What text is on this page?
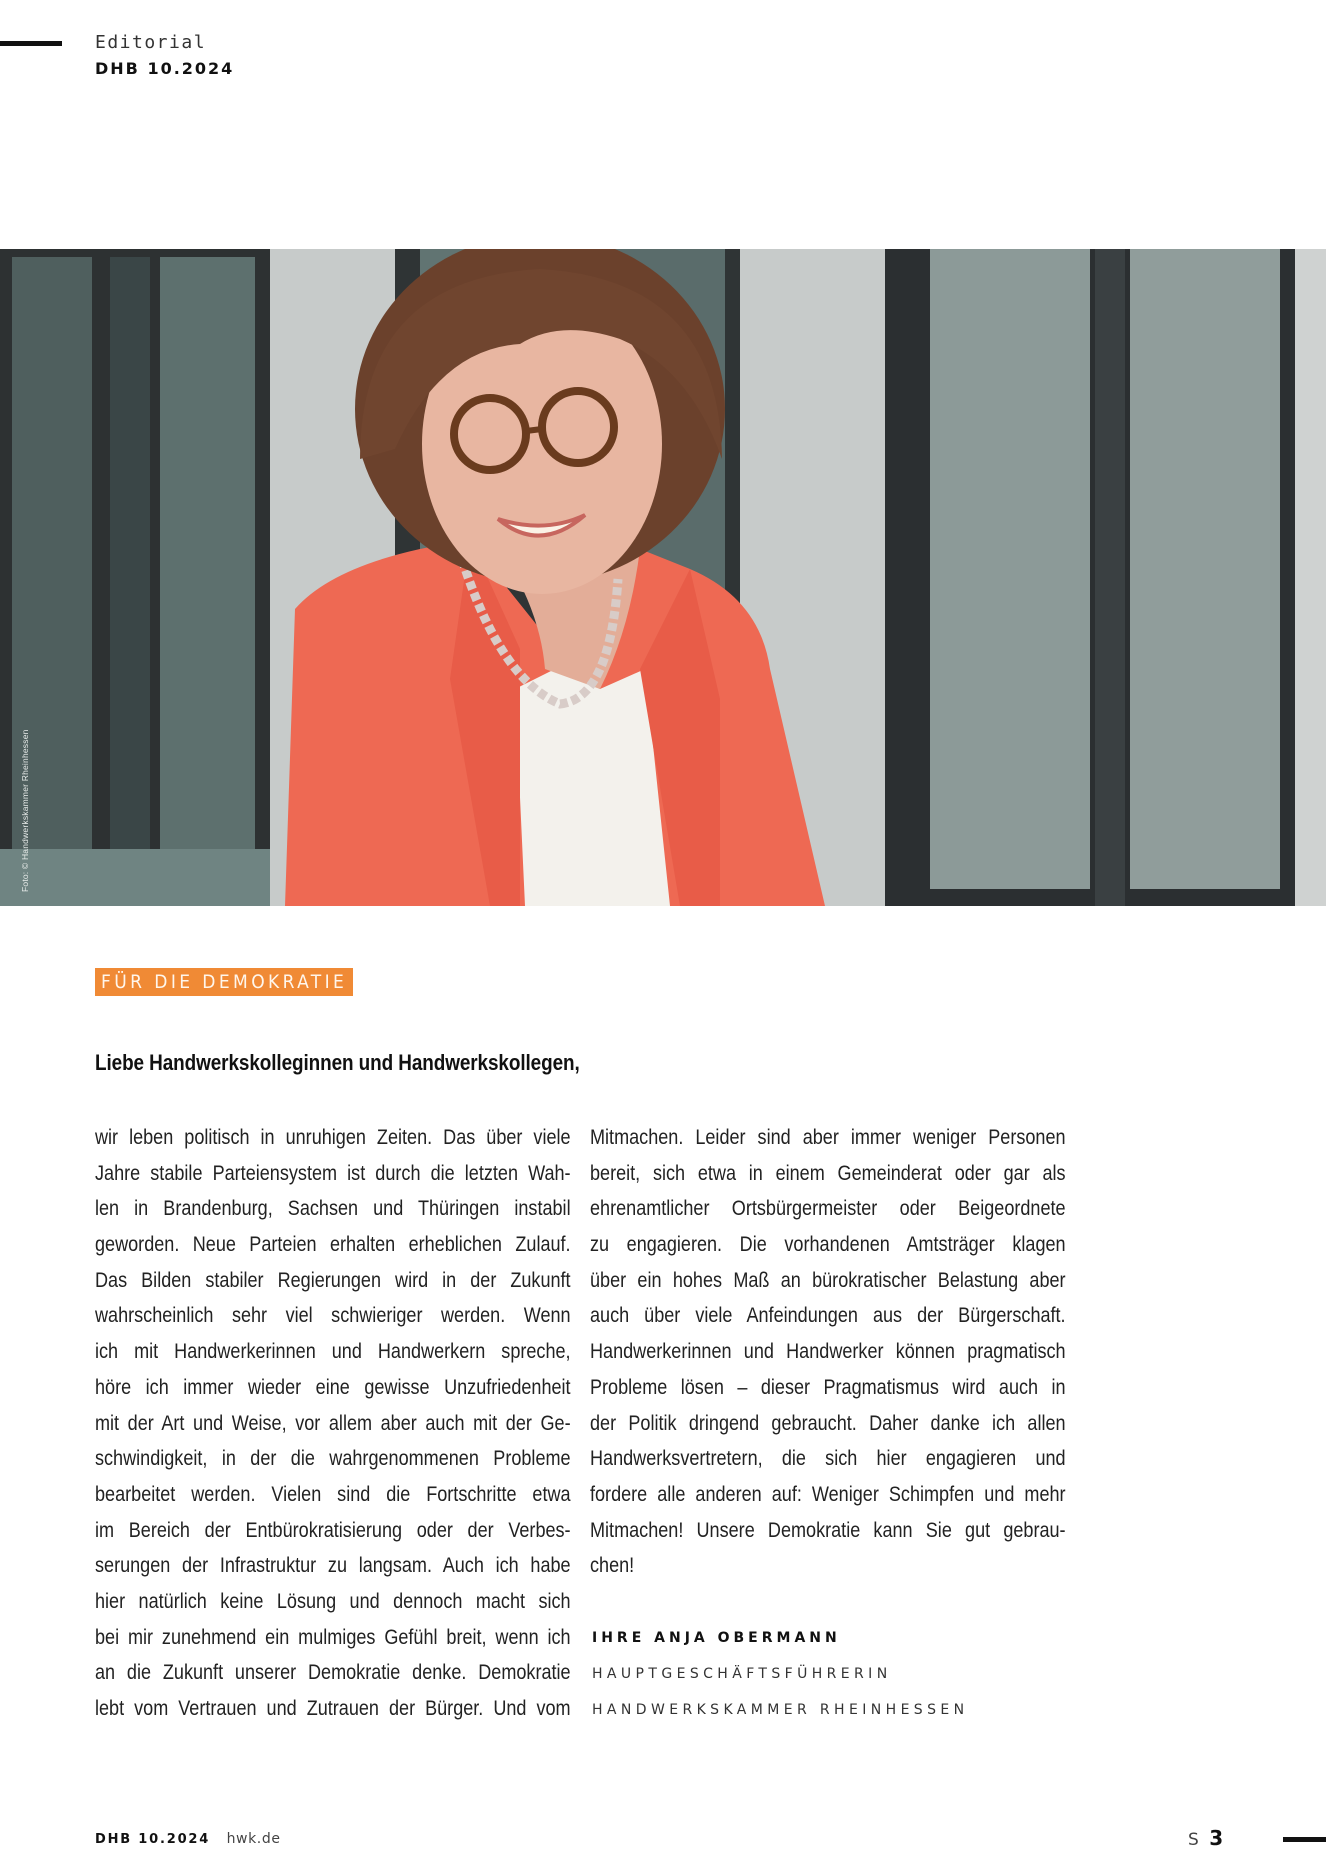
Editorial
DHB 10.2024
Foto: © Handwerkskammer Rheinhessen
FÜR DIE DEMOKRATIE
Liebe Handwerkskolleginnen und Handwerkskollegen,
wir leben politisch in unruhigen Zeiten. Das über viele
Jahre stabile Parteiensystem ist durch die letzten Wah-
len in Brandenburg, Sachsen und Thüringen instabil
geworden. Neue Parteien erhalten erheblichen Zulauf.
Das Bilden stabiler Regierungen wird in der Zukunft
wahrscheinlich sehr viel schwieriger werden. Wenn
ich mit Handwerkerinnen und Handwerkern spreche,
höre ich immer wieder eine gewisse Unzufriedenheit
mit der Art und Weise, vor allem aber auch mit der Ge-
schwindigkeit, in der die wahrgenommenen Probleme
bearbeitet werden. Vielen sind die Fortschritte etwa
im Bereich der Entbürokratisierung oder der Verbes-
serungen der Infrastruktur zu langsam. Auch ich habe
hier natürlich keine Lösung und dennoch macht sich
bei mir zunehmend ein mulmiges Gefühl breit, wenn ich
an die Zukunft unserer Demokratie denke. Demokratie
lebt vom Vertrauen und Zutrauen der Bürger. Und vom
Mitmachen. Leider sind aber immer weniger Personen
bereit, sich etwa in einem Gemeinderat oder gar als
ehrenamtlicher Ortsbürgermeister oder Beigeordnete
zu engagieren. Die vorhandenen Amtsträger klagen
über ein hohes Maß an bürokratischer Belastung aber
auch über viele Anfeindungen aus der Bürgerschaft.
Handwerkerinnen und Handwerker können pragmatisch
Probleme lösen – dieser Pragmatismus wird auch in
der Politik dringend gebraucht. Daher danke ich allen
Handwerksvertretern, die sich hier engagieren und
fordere alle anderen auf: Weniger Schimpfen und mehr
Mitmachen! Unsere Demokratie kann Sie gut gebrau-
chen!
IHRE ANJA OBERMANN
HAUPTGESCHÄFTSFÜHRERIN
HANDWERKSKAMMER RHEINHESSEN
DHB 10.2024 hwk.de	S 3
